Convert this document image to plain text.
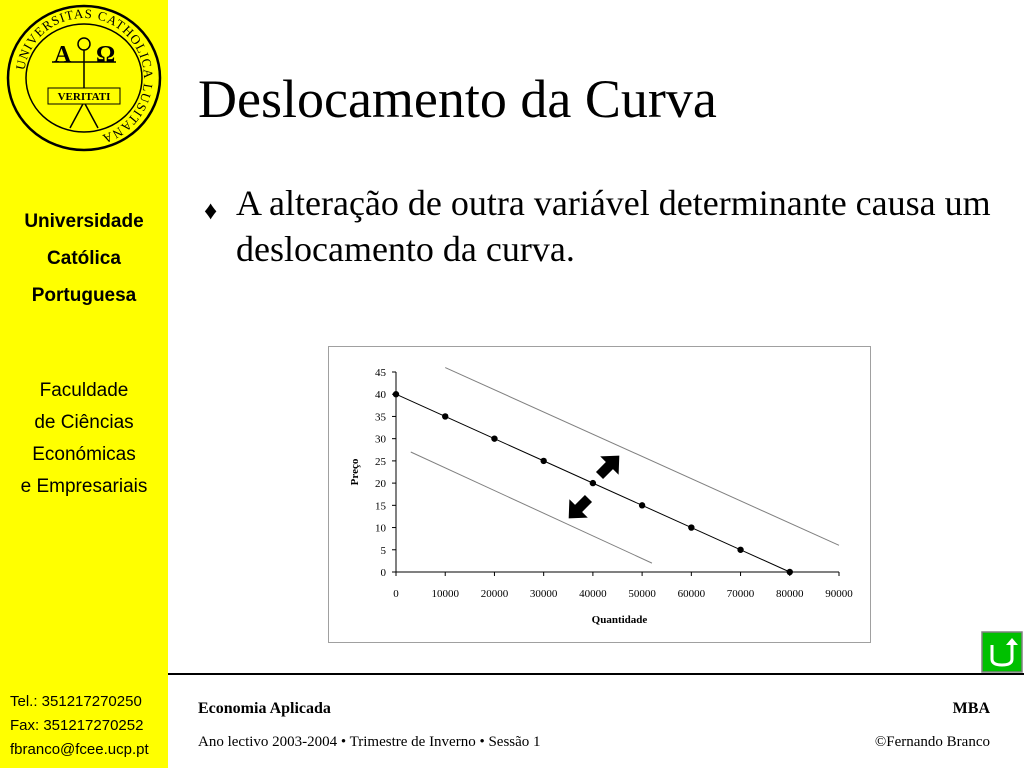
UNIVERSITAS CATHOLICA LUSITANA
A Ω
VERITATI
Universidade
Católica
Portuguesa
Faculdade
de Ciências
Económicas
e Empresariais
Tel.: 351217270250
Fax: 351217270252
fbranco@fcee.ucp.pt
Deslocamento da Curva
♦ A alteração de outra variável determinante causa um deslocamento da curva.
0
5
10
15
20
25
30
35
40
45
0	10000 20000 30000 40000 50000 60000 70000 80000 90000
Quantidade
Preço
Economia Aplicada	MBA
Ano lectivo 2003-2004 • Trimestre de Inverno • Sessão 1	©Fernando Branco
